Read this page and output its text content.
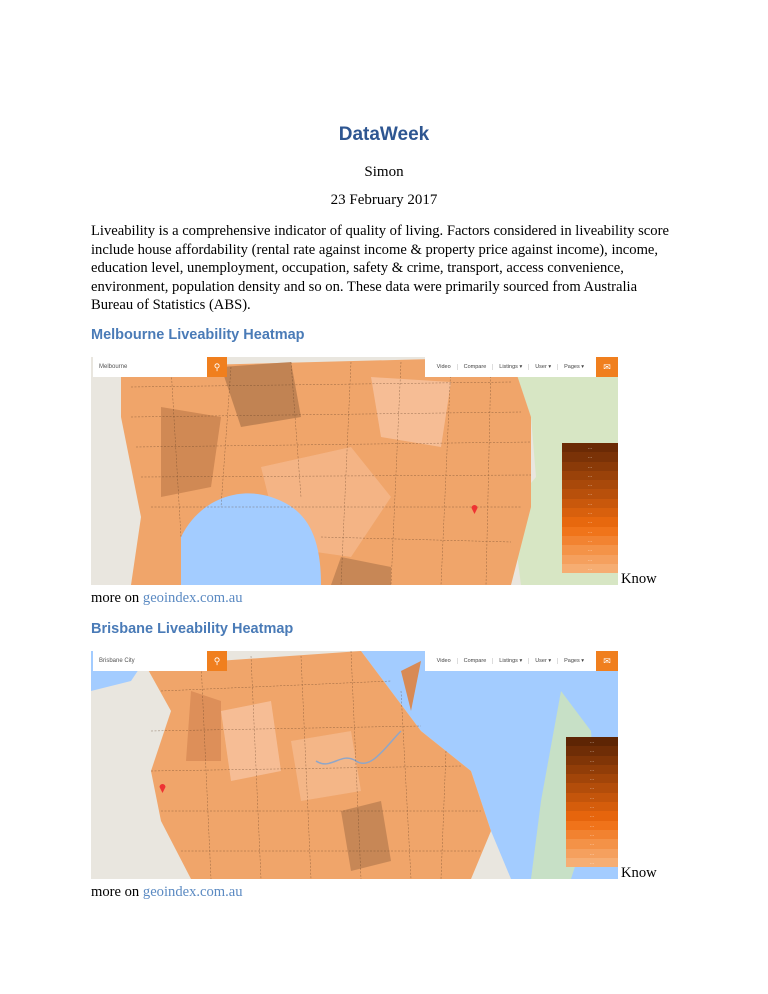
DataWeek
Simon
23 February 2017
Liveability is a comprehensive indicator of quality of living. Factors considered in liveability score include house affordability (rental rate against income & property price against income), income, education level, unemployment, occupation, safety & crime, transport, access convenience, environment, population density and so on. These data were primarily sourced from Australia Bureau of Statistics (ABS).
Melbourne Liveability Heatmap
Melbourne	⚲	Video	Compare	Listings ▾	User ▾	Pages ▾	✉
…
…
…
…
…
…
…
…
…
…
…
…
…
…
Know
more on geoindex.com.au
Brisbane Liveability Heatmap
Brisbane City	⚲	Video	Compare	Listings ▾	User ▾	Pages ▾	✉
…
…
…
…
…
…
…
…
…
…
…
…
…
…
Know
more on geoindex.com.au
